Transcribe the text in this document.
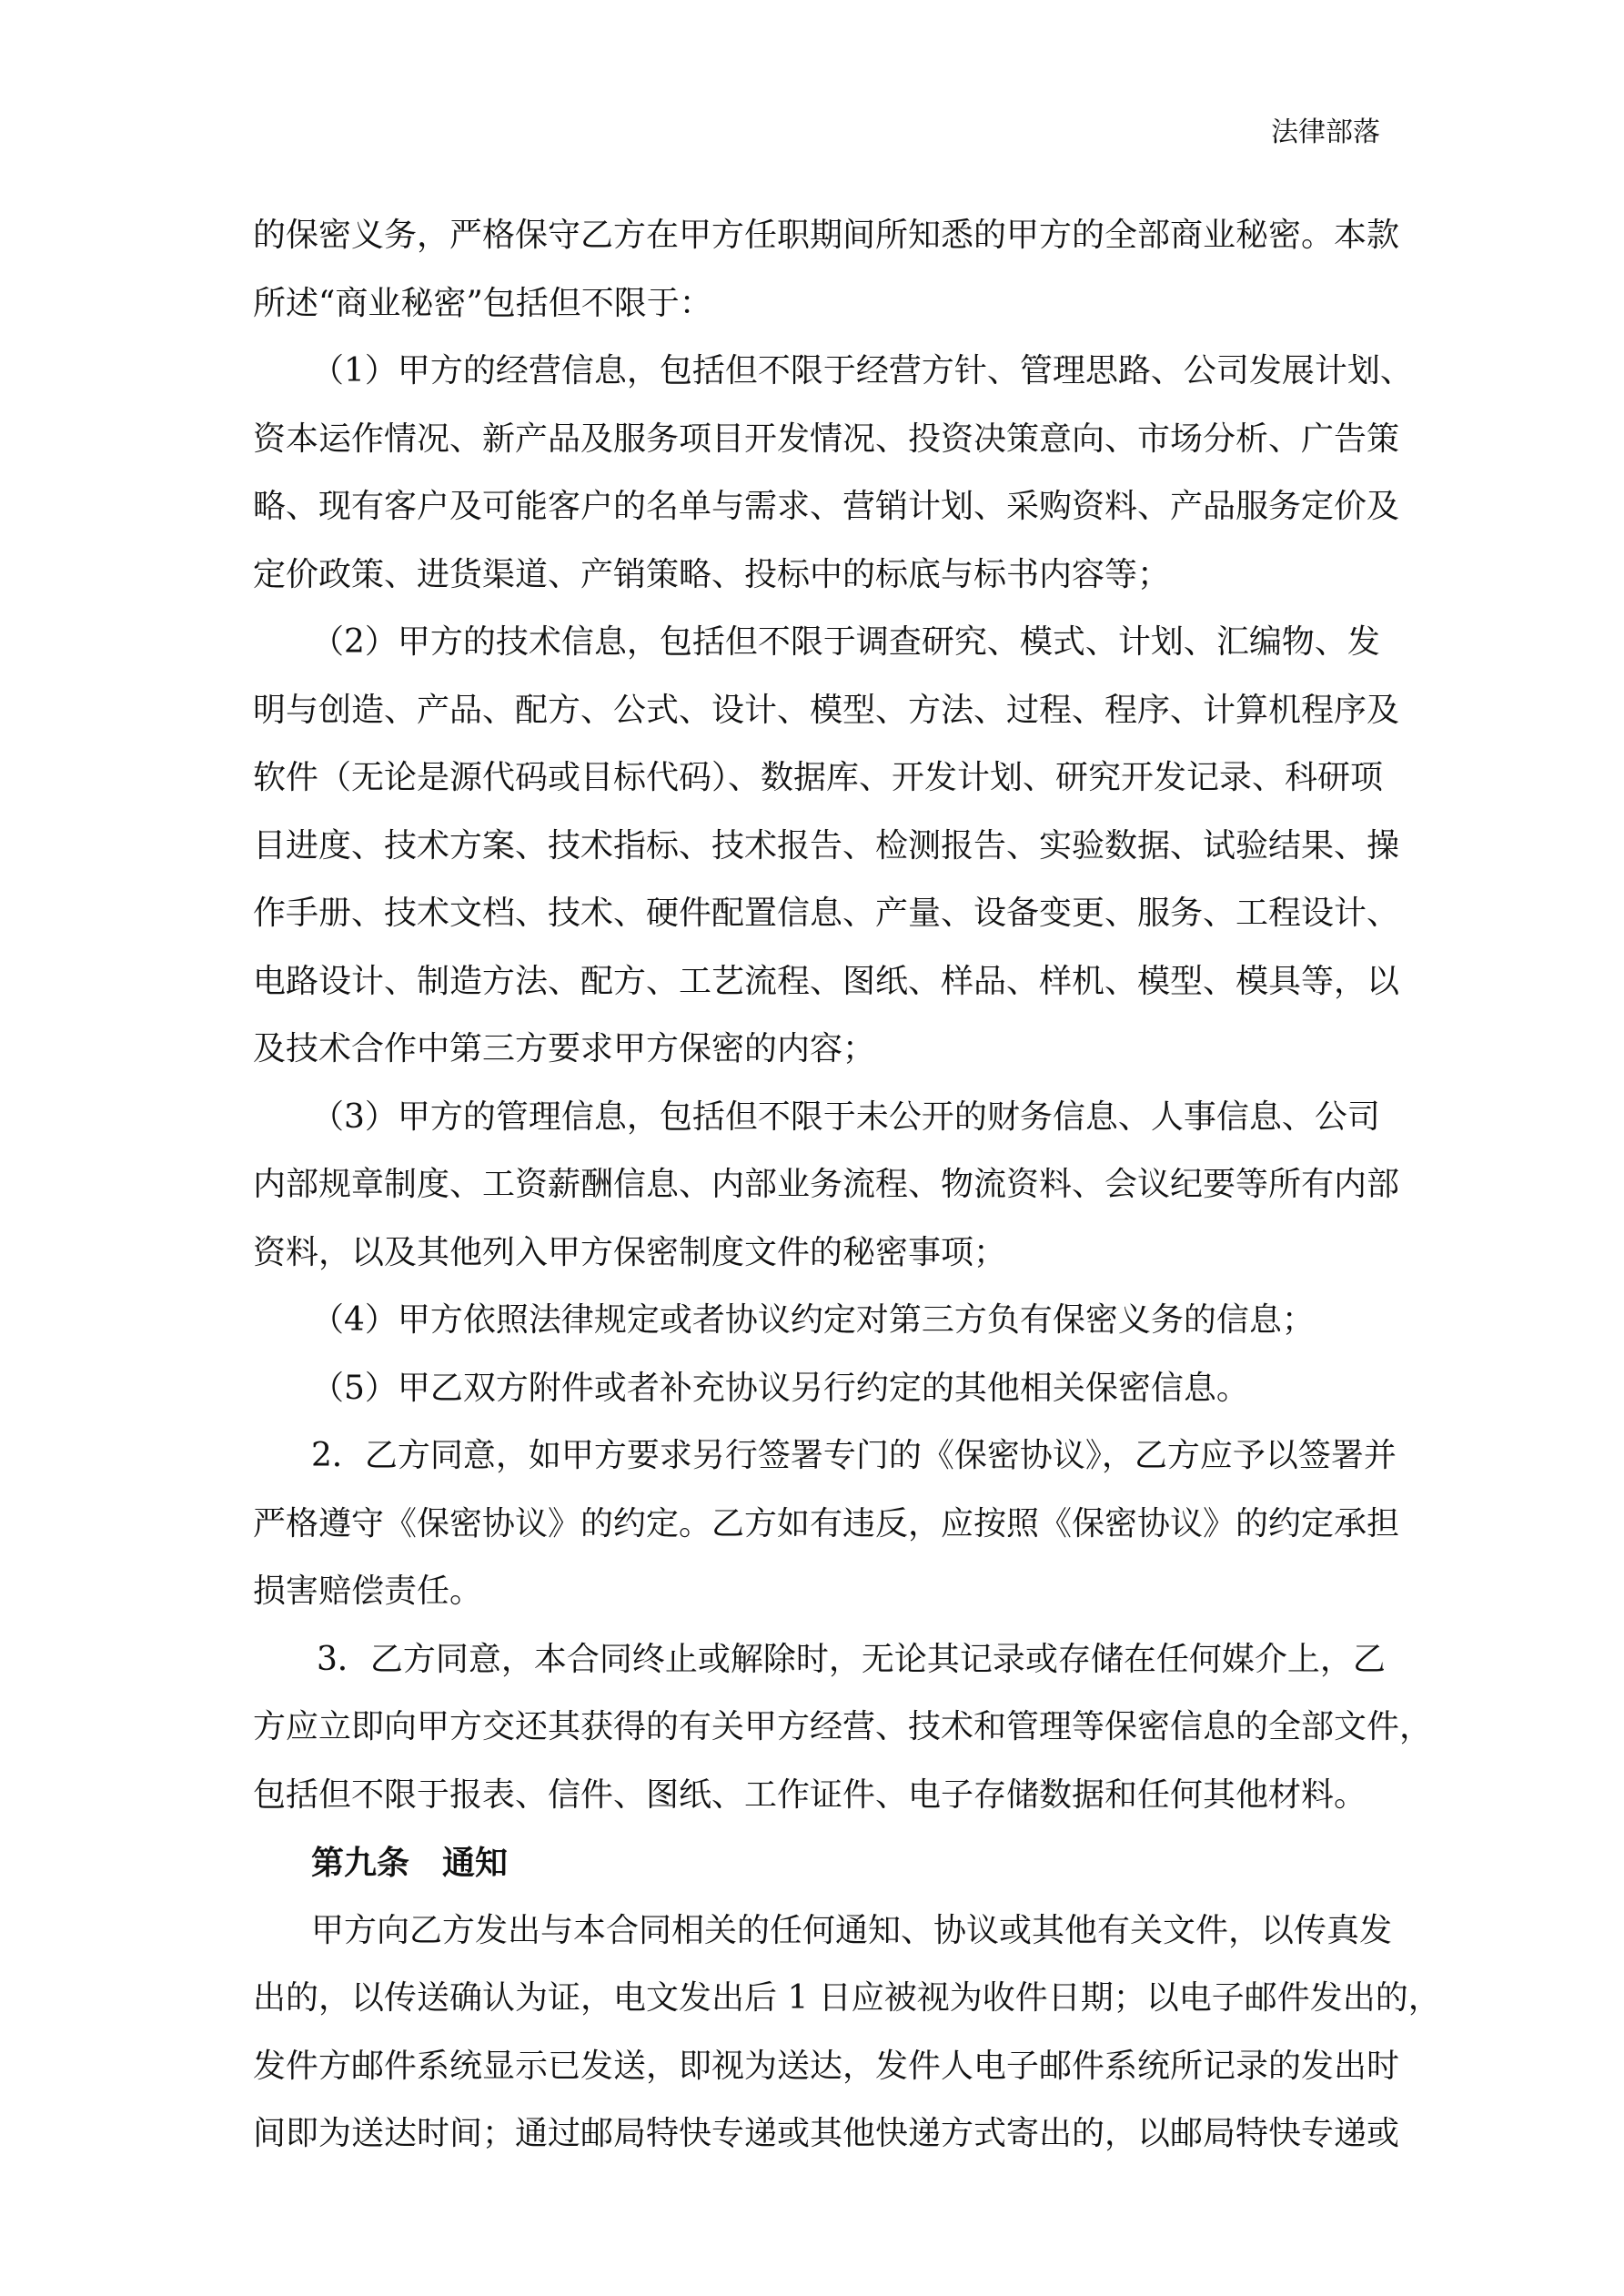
法律部落
的保密义务，严格保守乙方在甲方任职期间所知悉的甲方的全部商业秘密。本款
所述“商业秘密”包括但不限于：
（1）甲方的经营信息，包括但不限于经营方针、管理思路、公司发展计划、
资本运作情况、新产品及服务项目开发情况、投资决策意向、市场分析、广告策
略、现有客户及可能客户的名单与需求、营销计划、采购资料、产品服务定价及
定价政策、进货渠道、产销策略、投标中的标底与标书内容等；
（2）甲方的技术信息，包括但不限于调查研究、模式、计划、汇编物、发
明与创造、产品、配方、公式、设计、模型、方法、过程、程序、计算机程序及
软件（无论是源代码或目标代码）、数据库、开发计划、研究开发记录、科研项
目进度、技术方案、技术指标、技术报告、检测报告、实验数据、试验结果、操
作手册、技术文档、技术、硬件配置信息、产量、设备变更、服务、工程设计、
电路设计、制造方法、配方、工艺流程、图纸、样品、样机、模型、模具等，以
及技术合作中第三方要求甲方保密的内容；
（3）甲方的管理信息，包括但不限于未公开的财务信息、人事信息、公司
内部规章制度、工资薪酬信息、内部业务流程、物流资料、会议纪要等所有内部
资料，以及其他列入甲方保密制度文件的秘密事项；
（4）甲方依照法律规定或者协议约定对第三方负有保密义务的信息；
（5）甲乙双方附件或者补充协议另行约定的其他相关保密信息。
2．乙方同意，如甲方要求另行签署专门的《保密协议》，乙方应予以签署并
严格遵守《保密协议》的约定。乙方如有违反，应按照《保密协议》的约定承担
损害赔偿责任。
3．乙方同意，本合同终止或解除时，无论其记录或存储在任何媒介上，乙
方应立即向甲方交还其获得的有关甲方经营、技术和管理等保密信息的全部文件，
包括但不限于报表、信件、图纸、工作证件、电子存储数据和任何其他材料。
第九条　通知
甲方向乙方发出与本合同相关的任何通知、协议或其他有关文件，以传真发
出的，以传送确认为证，电文发出后 1 日应被视为收件日期；以电子邮件发出的，
发件方邮件系统显示已发送，即视为送达，发件人电子邮件系统所记录的发出时
间即为送达时间；通过邮局特快专递或其他快递方式寄出的，以邮局特快专递或
